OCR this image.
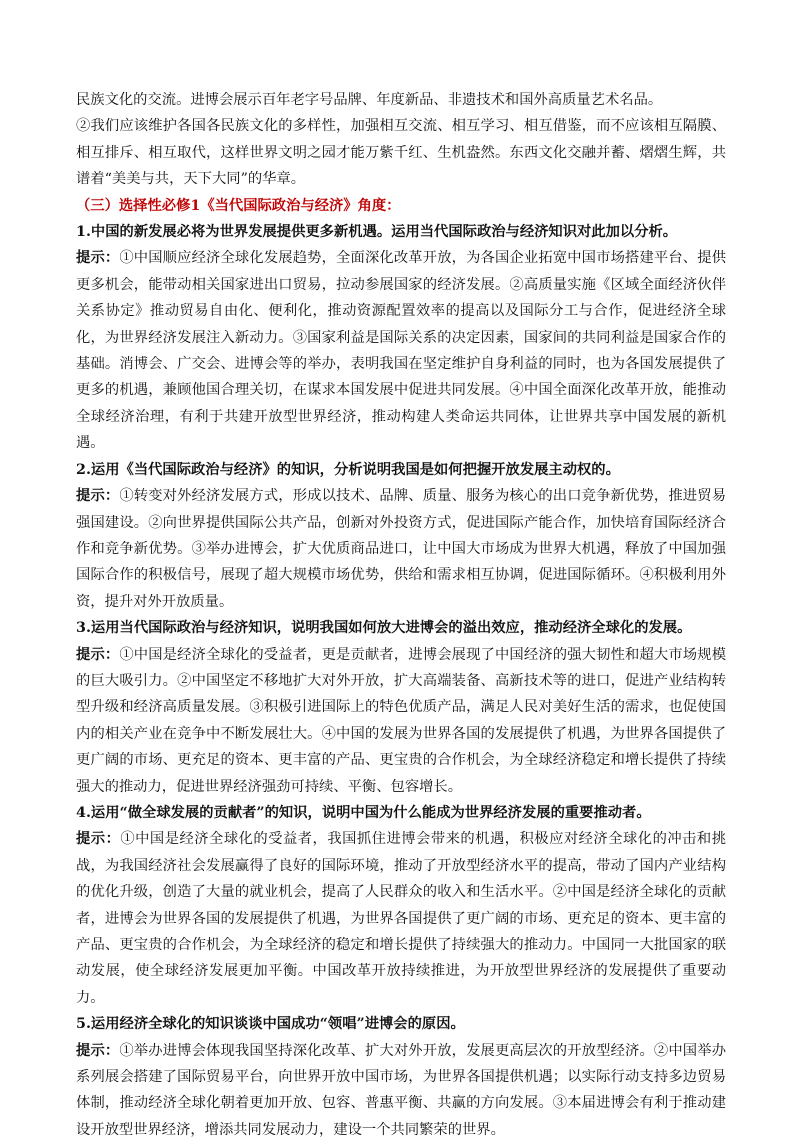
民族文化的交流。进博会展示百年老字号品牌、年度新品、非遗技术和国外高质量艺术名品。

②我们应该维护各国各民族文化的多样性，加强相互交流、相互学习、相互借鉴，而不应该相互隔膜、相互排斥、相互取代，这样世界文明之园才能万紫千红、生机盎然。东西文化交融并蓄、熠熠生辉，共谱着“美美与共，天下大同”的华章。

（三）选择性必修1《当代国际政治与经济》角度：

1.中国的新发展必将为世界发展提供更多新机遇。运用当代国际政治与经济知识对此加以分析。

提示：①中国顺应经济全球化发展趋势，全面深化改革开放，为各国企业拓宽中国市场搭建平台、提供更多机会，能带动相关国家进出口贸易，拉动参展国家的经济发展。②高质量实施《区域全面经济伙伴关系协定》推动贸易自由化、便利化，推动资源配置效率的提高以及国际分工与合作，促进经济全球化，为世界经济发展注入新动力。③国家利益是国际关系的决定因素，国家间的共同利益是国家合作的基础。消博会、广交会、进博会等的举办，表明我国在坚定维护自身利益的同时，也为各国发展提供了更多的机遇，兼顾他国合理关切，在谋求本国发展中促进共同发展。④中国全面深化改革开放，能推动全球经济治理，有利于共建开放型世界经济，推动构建人类命运共同体，让世界共享中国发展的新机遇。

2.运用《当代国际政治与经济》的知识，分析说明我国是如何把握开放发展主动权的。

提示：①转变对外经济发展方式，形成以技术、品牌、质量、服务为核心的出口竞争新优势，推进贸易强国建设。②向世界提供国际公共产品，创新对外投资方式，促进国际产能合作，加快培育国际经济合作和竞争新优势。③举办进博会，扩大优质商品进口，让中国大市场成为世界大机遇，释放了中国加强国际合作的积极信号，展现了超大规模市场优势，供给和需求相互协调，促进国际循环。④积极利用外资，提升对外开放质量。

3.运用当代国际政治与经济知识，说明我国如何放大进博会的溢出效应，推动经济全球化的发展。

提示：①中国是经济全球化的受益者，更是贡献者，进博会展现了中国经济的强大韧性和超大市场规模的巨大吸引力。②中国坚定不移地扩大对外开放，扩大高端装备、高新技术等的进口，促进产业结构转型升级和经济高质量发展。③积极引进国际上的特色优质产品，满足人民对美好生活的需求，也促使国内的相关产业在竞争中不断发展壮大。④中国的发展为世界各国的发展提供了机遇，为世界各国提供了更广阔的市场、更充足的资本、更丰富的产品、更宝贵的合作机会，为全球经济稳定和增长提供了持续强大的推动力，促进世界经济强劲可持续、平衡、包容增长。

4.运用“做全球发展的贡献者”的知识，说明中国为什么能成为世界经济发展的重要推动者。

提示：①中国是经济全球化的受益者，我国抓住进博会带来的机遇，积极应对经济全球化的冲击和挑战，为我国经济社会发展赢得了良好的国际环境，推动了开放型经济水平的提高，带动了国内产业结构的优化升级，创造了大量的就业机会，提高了人民群众的收入和生活水平。②中国是经济全球化的贡献者，进博会为世界各国的发展提供了机遇，为世界各国提供了更广阔的市场、更充足的资本、更丰富的产品、更宝贵的合作机会，为全球经济的稳定和增长提供了持续强大的推动力。中国同一大批国家的联动发展，使全球经济发展更加平衡。中国改革开放持续推进，为开放型世界经济的发展提供了重要动力。

5.运用经济全球化的知识谈谈中国成功“领唱”进博会的原因。

提示：①举办进博会体现我国坚持深化改革、扩大对外开放，发展更高层次的开放型经济。②中国举办系列展会搭建了国际贸易平台，向世界开放中国市场，为世界各国提供机遇；以实际行动支持多边贸易体制，推动经济全球化朝着更加开放、包容、普惠平衡、共赢的方向发展。③本届进博会有利于推动建设开放型世界经济，增添共同发展动力，建设一个共同繁荣的世界。
